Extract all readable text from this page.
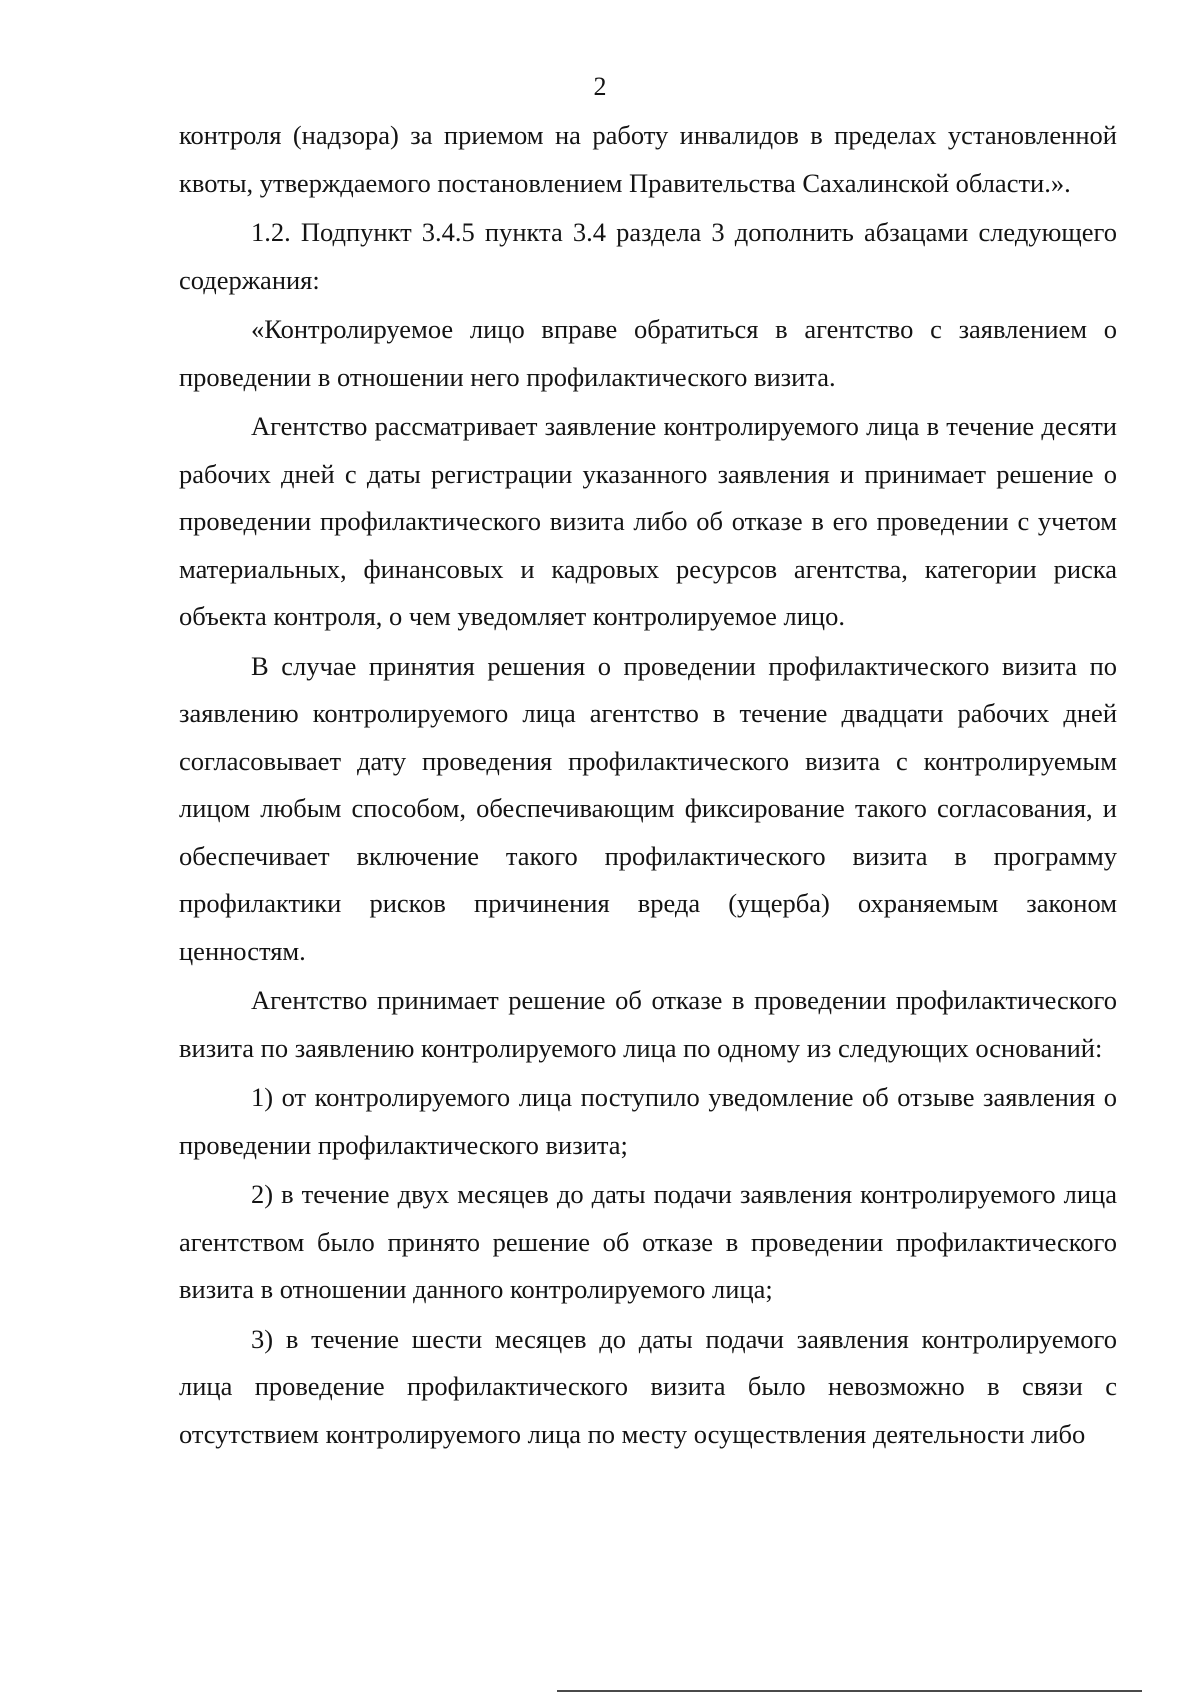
2

контроля (надзора) за приемом на работу инвалидов в пределах установленной квоты, утверждаемого постановлением Правительства Сахалинской области.».

1.2. Подпункт 3.4.5 пункта 3.4 раздела 3 дополнить абзацами следующего содержания:

«Контролируемое лицо вправе обратиться в агентство с заявлением о проведении в отношении него профилактического визита.

Агентство рассматривает заявление контролируемого лица в течение десяти рабочих дней с даты регистрации указанного заявления и принимает решение о проведении профилактического визита либо об отказе в его проведении с учетом материальных, финансовых и кадровых ресурсов агентства, категории риска объекта контроля, о чем уведомляет контролируемое лицо.

В случае принятия решения о проведении профилактического визита по заявлению контролируемого лица агентство в течение двадцати рабочих дней согласовывает дату проведения профилактического визита с контролируемым лицом любым способом, обеспечивающим фиксирование такого согласования, и обеспечивает включение такого профилактического визита в программу профилактики рисков причинения вреда (ущерба) охраняемым законом ценностям.

Агентство принимает решение об отказе в проведении профилактического визита по заявлению контролируемого лица по одному из следующих оснований:

1) от контролируемого лица поступило уведомление об отзыве заявления о проведении профилактического визита;

2) в течение двух месяцев до даты подачи заявления контролируемого лица агентством было принято решение об отказе в проведении профилактического визита в отношении данного контролируемого лица;

3) в течение шести месяцев до даты подачи заявления контролируемого лица проведение профилактического визита было невозможно в связи с отсутствием контролируемого лица по месту осуществления деятельности либо
